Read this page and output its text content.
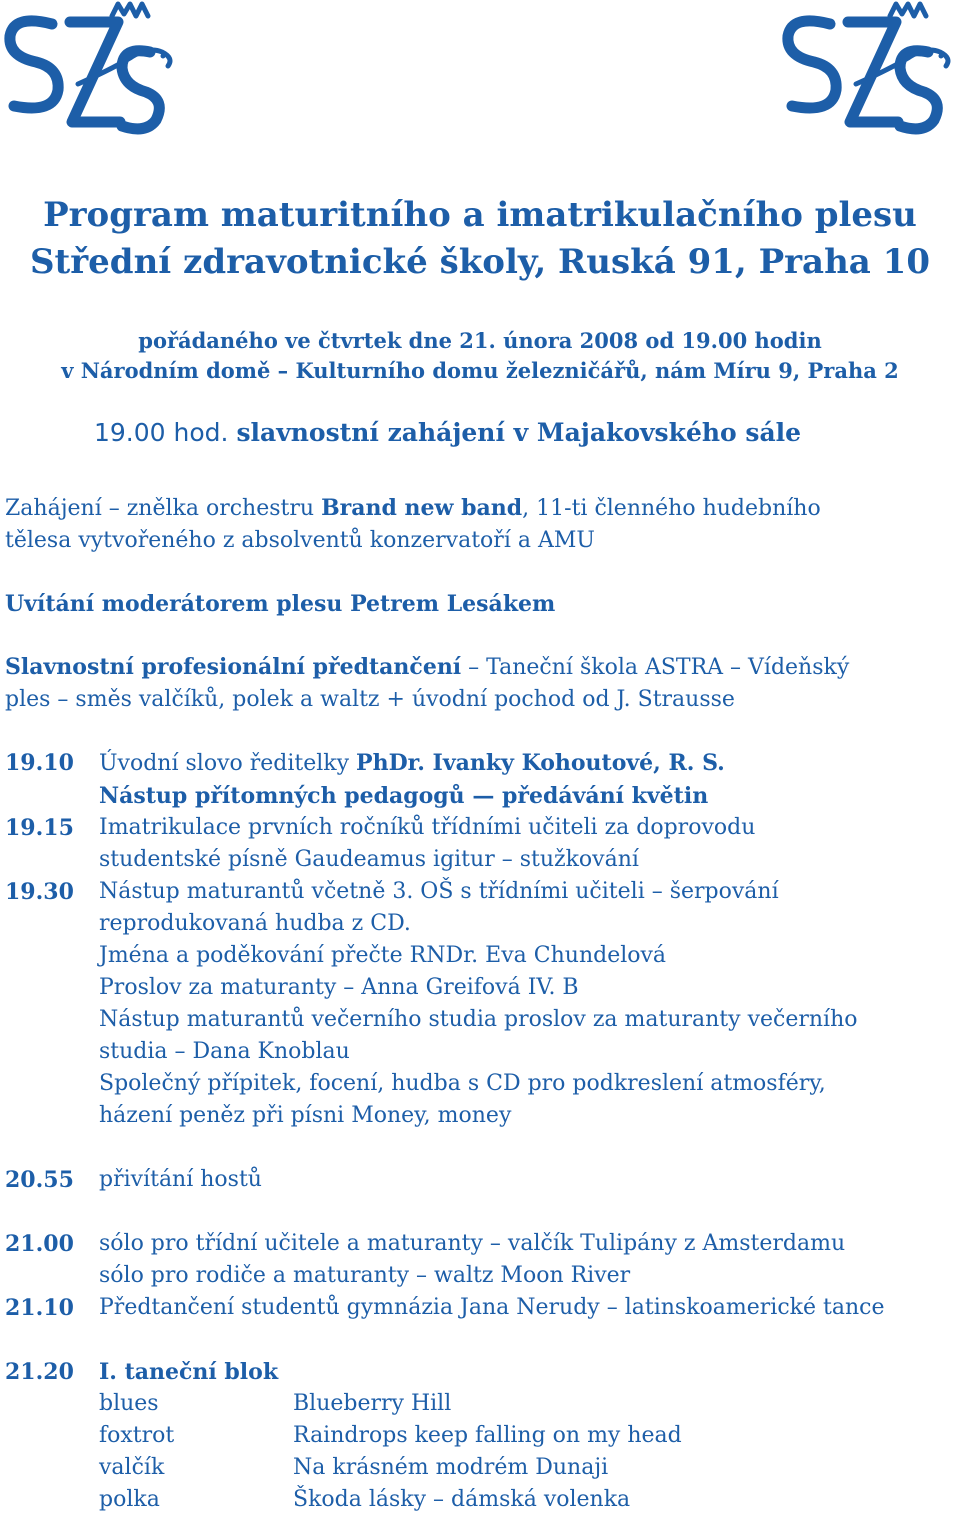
Program maturitního a imatrikulačního plesu
Střední zdravotnické školy, Ruská 91, Praha 10
pořádaného ve čtvrtek dne 21. února 2008 od 19.00 hodin
v Národním domě – Kulturního domu železničářů, nám Míru 9, Praha 2
19.00 hod. slavnostní zahájení v Majakovského sále
Zahájení – znělka orchestru Brand new band, 11-ti členného hudebního
tělesa vytvořeného z absolventů konzervatoří a AMU
Uvítání moderátorem plesu Petrem Lesákem
Slavnostní profesionální předtančení – Taneční škola ASTRA – Vídeňský
ples – směs valčíků, polek a waltz + úvodní pochod od J. Strausse
19.10	Úvodní slovo ředitelky PhDr. Ivanky Kohoutové, R. S.
Nástup přítomných pedagogů — předávání květin
19.15	Imatrikulace prvních ročníků třídními učiteli za doprovodu
studentské písně Gaudeamus igitur – stužkování
19.30	Nástup maturantů včetně 3. OŠ s třídními učiteli – šerpování
reprodukovaná hudba z CD.
Jména a poděkování přečte RNDr. Eva Chundelová
Proslov za maturanty – Anna Greifová IV. B
Nástup maturantů večerního studia proslov za maturanty večerního
studia – Dana Knoblau
Společný přípitek, focení, hudba s CD pro podkreslení atmosféry,
házení peněz při písni Money, money
20.55	přivítání hostů
21.00	sólo pro třídní učitele a maturanty – valčík Tulipány z Amsterdamu
sólo pro rodiče a maturanty – waltz Moon River
21.10	Předtančení studentů gymnázia Jana Nerudy – latinskoamerické tance
21.20	I. taneční blok
blues	Blueberry Hill
foxtrot	Raindrops keep falling on my head
valčík	Na krásném modrém Dunaji
polka	Škoda lásky – dámská volenka
